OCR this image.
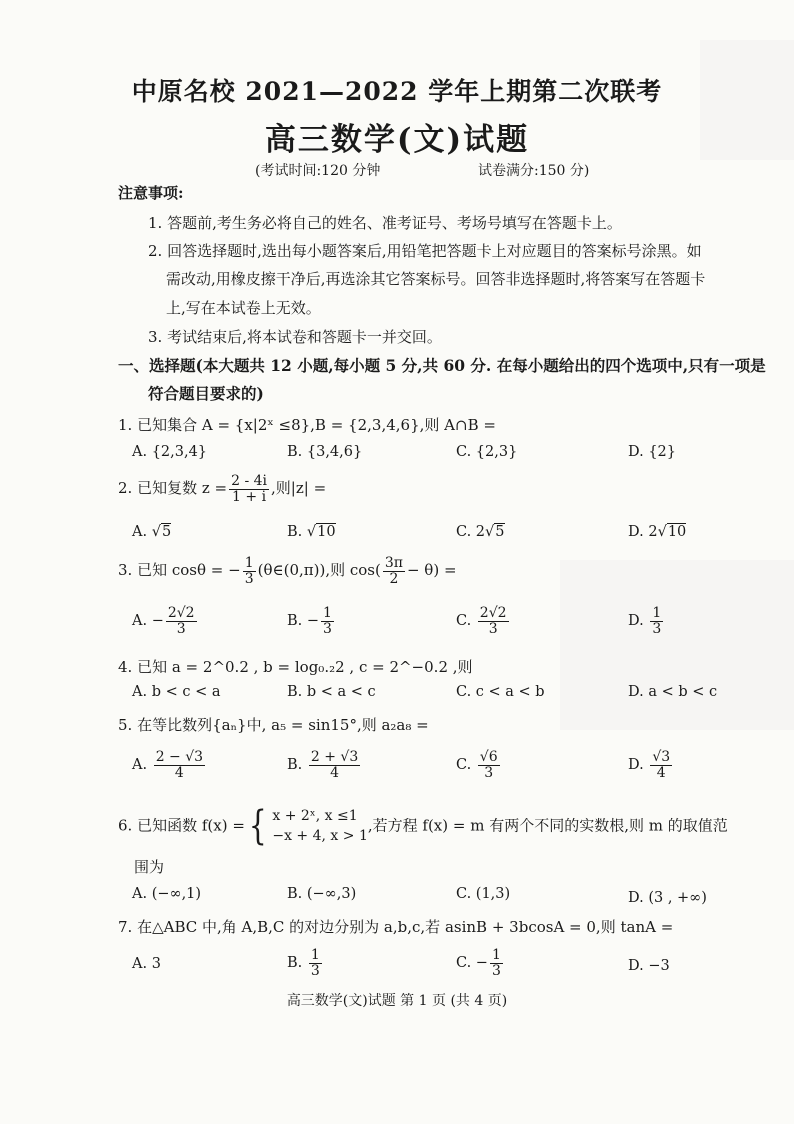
中原名校 2021—2022 学年上期第二次联考
高三数学(文)试题
(考试时间:120 分钟	试卷满分:150 分)
注意事项:
1. 答题前,考生务必将自己的姓名、准考证号、考场号填写在答题卡上。
2. 回答选择题时,选出每小题答案后,用铅笔把答题卡上对应题目的答案标号涂黑。如
需改动,用橡皮擦干净后,再选涂其它答案标号。回答非选择题时,将答案写在答题卡
上,写在本试卷上无效。
3. 考试结束后,将本试卷和答题卡一并交回。
一、选择题(本大题共 12 小题,每小题 5 分,共 60 分. 在每小题给出的四个选项中,只有一项是
符合题目要求的)
1. 已知集合 A = {x|2ˣ ≤8},B = {2,3,4,6},则 A∩B =
A. {2,3,4}	B. {3,4,6}	C. {2,3}	D. {2}
2. 已知复数 $z = \frac{2 - 4i}{1 + i}$ ,则|z| =
A. √5	B. √10	C. 2√5	D. 2√10
3. 已知 cosθ = − $\frac{1}{3}$ (θ∈(0,π)),则 $\cos( \frac{3\pi}{2} - \theta)$ =
A. − $\frac{2√2}{3}$	B. − $\frac{1}{3}$	C. $\frac{2√2}{3}$	D. $\frac{1}{3}$
4. 已知 a = 2^0.2 , b = log₀.₂2 , c = 2^−0.2 ,则
A. b < c < a	B. b < a < c	C. c < a < b	D. a < b < c
5. 在等比数列{aₙ}中, a₅ = sin15°,则 a₂a₈ =
A. $\frac{2 - √3}{4}$	B. $\frac{2 + √3}{4}$	C. $\frac{√6}{3}$	D. $\frac{√3}{4}$
6. 已知函数 f(x) ={ x + 2ˣ, x ≤1
−x + 4, x > 1
,若方程 f(x) = m 有两个不同的实数根,则 m 的取值范
围为
A. (−∞,1)	B. (−∞,3)	C. (1,3)	D. (3 , +∞)
7. 在△ABC 中,角 A,B,C 的对边分别为 a,b,c,若 asinB + 3bcosA = 0,则 tanA =
A. 3	B. $\frac{1}{3}$	C. − $\frac{1}{3}$	D. −3
高三数学(文)试题 第 1 页 (共 4 页)
